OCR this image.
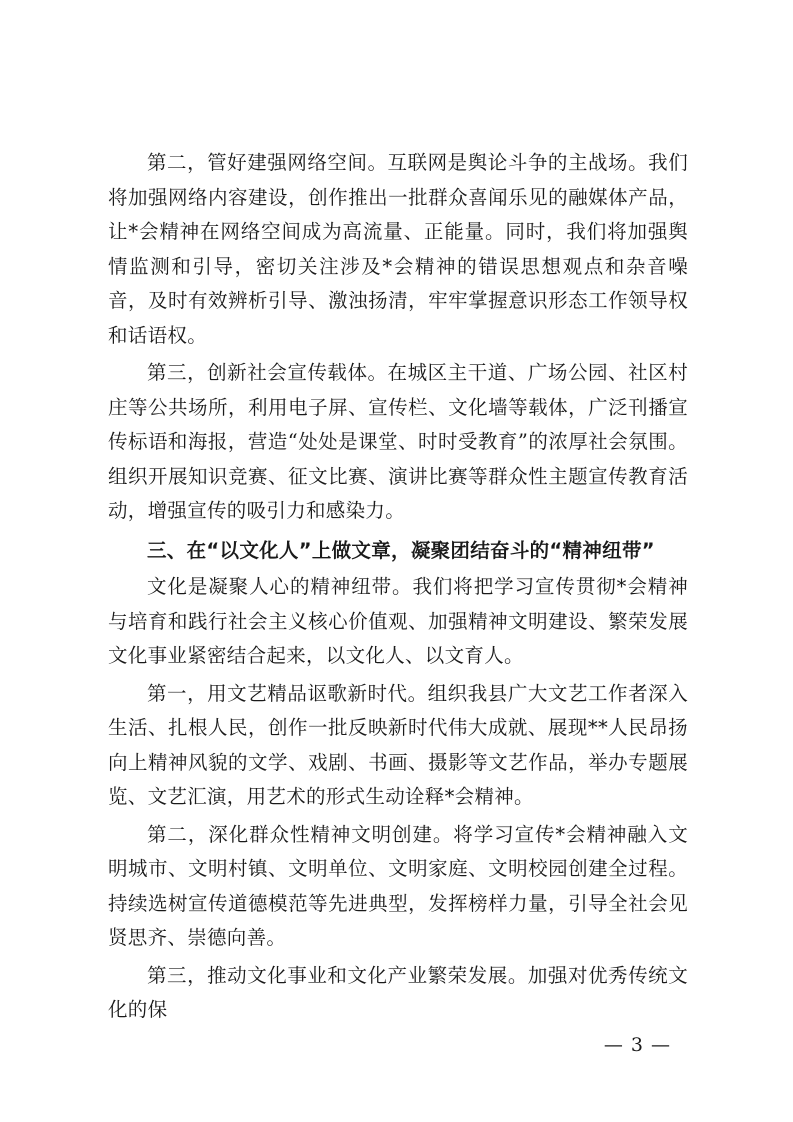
第二，管好建强网络空间。互联网是舆论斗争的主战场。我们将加强网络内容建设，创作推出一批群众喜闻乐见的融媒体产品，让*会精神在网络空间成为高流量、正能量。同时，我们将加强舆情监测和引导，密切关注涉及*会精神的错误思想观点和杂音噪音，及时有效辨析引导、激浊扬清，牢牢掌握意识形态工作领导权和话语权。

第三，创新社会宣传载体。在城区主干道、广场公园、社区村庄等公共场所，利用电子屏、宣传栏、文化墙等载体，广泛刊播宣传标语和海报，营造“处处是课堂、时时受教育”的浓厚社会氛围。组织开展知识竞赛、征文比赛、演讲比赛等群众性主题宣传教育活动，增强宣传的吸引力和感染力。

三、在“以文化人”上做文章，凝聚团结奋斗的“精神纽带”

文化是凝聚人心的精神纽带。我们将把学习宣传贯彻*会精神与培育和践行社会主义核心价值观、加强精神文明建设、繁荣发展文化事业紧密结合起来，以文化人、以文育人。

第一，用文艺精品讴歌新时代。组织我县广大文艺工作者深入生活、扎根人民，创作一批反映新时代伟大成就、展现**人民昂扬向上精神风貌的文学、戏剧、书画、摄影等文艺作品，举办专题展览、文艺汇演，用艺术的形式生动诠释*会精神。

第二，深化群众性精神文明创建。将学习宣传*会精神融入文明城市、文明村镇、文明单位、文明家庭、文明校园创建全过程。持续选树宣传道德模范等先进典型，发挥榜样力量，引导全社会见贤思齐、崇德向善。

第三，推动文化事业和文化产业繁荣发展。加强对优秀传统文化的保

— 3 —
